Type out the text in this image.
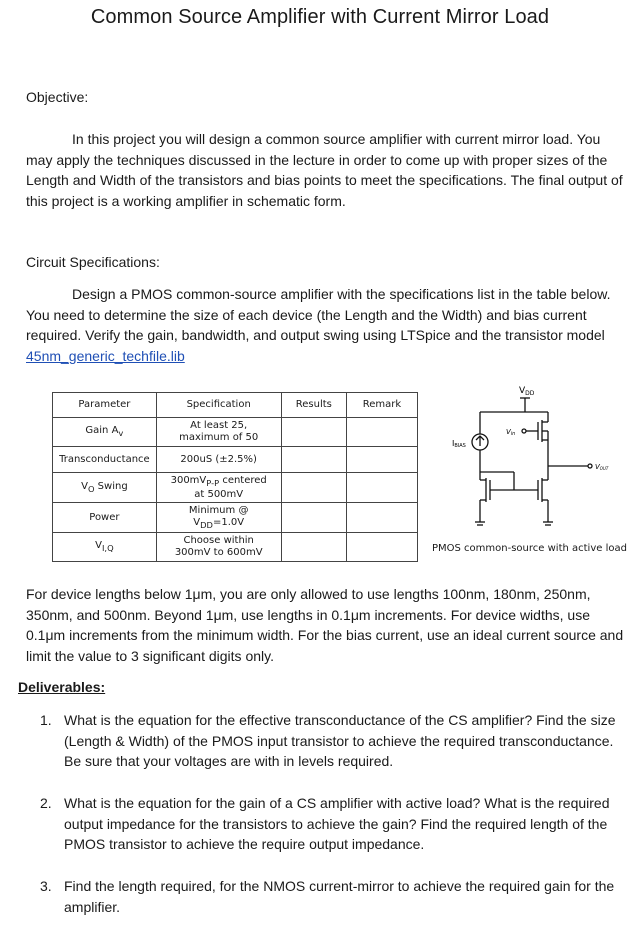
Common Source Amplifier with Current Mirror Load
Objective:
In this project you will design a common source amplifier with current mirror load. You may apply the techniques discussed in the lecture in order to come up with proper sizes of the Length and Width of the transistors and bias points to meet the specifications. The final output of this project is a working amplifier in schematic form.
Circuit Specifications:
Design a PMOS common-source amplifier with the specifications list in the table below. You need to determine the size of each device (the Length and the Width) and bias current required. Verify the gain, bandwidth, and output swing using LTSpice and the transistor model 45nm_generic_techfile.lib
Parameter	Specification	Results	Remark
Gain $A_v$	At least 25,
maximum of 50		
Transconductance	200uS (±2.5%)		
$V_O$ Swing	$300mV_{P-P}$ centered
at 500mV		
Power	Minimum @
$V_{DD}=1.0V$		
$V_{I,Q}$	Choose within
300mV to 600mV		
$V_{DD}$
IBIAS
Vin
VOUT
PMOS common-source with active load
For device lengths below 1μm, you are only allowed to use lengths 100nm, 180nm, 250nm, 350nm, and 500nm. Beyond 1μm, use lengths in 0.1μm increments. For device widths, use 0.1μm increments from the minimum width. For the bias current, use an ideal current source and limit the value to 3 significant digits only.
Deliverables:
1. What is the equation for the effective transconductance of the CS amplifier? Find the size (Length & Width) of the PMOS input transistor to achieve the required transconductance. Be sure that your voltages are with in levels required.
2. What is the equation for the gain of a CS amplifier with active load? What is the required output impedance for the transistors to achieve the gain? Find the required length of the PMOS transistor to achieve the require output impedance.
3. Find the length required, for the NMOS current-mirror to achieve the required gain for the amplifier.
